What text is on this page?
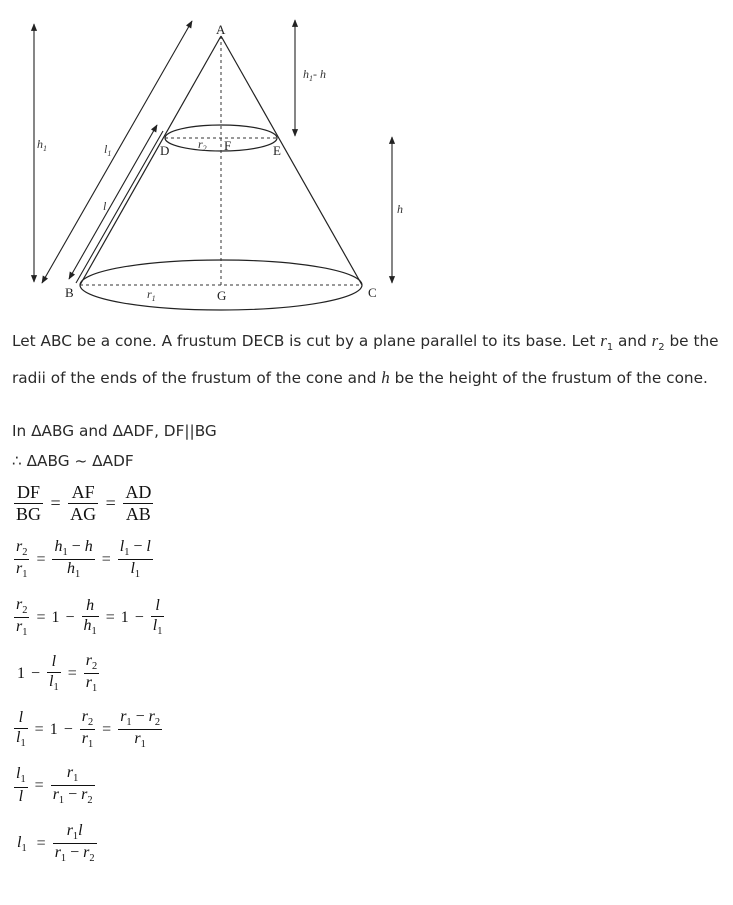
A
B	C
D	E
F
G
$h_1$
$h_1-$ h
h
$l_1$
l
$r_1$
$r_2$

Let ABC be a cone. A frustum DECB is cut by a plane parallel to its base. Let $r_1$ and $r_2$ be the radii of the ends of the frustum of the cone and h be the height of the frustum of the cone.

In ΔABG and ΔADF, DF||BG

∴ ΔABG ~ ΔADF

$\frac{DF}{BG} = \frac{AF}{AG} = \frac{AD}{AB}$
$\frac{r_2}{r_1} = \frac{h_1 - h}{h_1} = \frac{l_1 - l}{l_1}$
$\frac{r_2}{r_1} = 1 - \frac{h}{h_1} = 1 - \frac{l}{l_1}$
$1 - \frac{l}{l_1} = \frac{r_2}{r_1}$
$\frac{l}{l_1} = 1 - \frac{r_2}{r_1} = \frac{r_1 - r_2}{r_1}$
$\frac{l_1}{l} = \frac{r_1}{r_1 - r_2}$
$l_1 = \frac{r_1l}{r_1 - r_2}$
